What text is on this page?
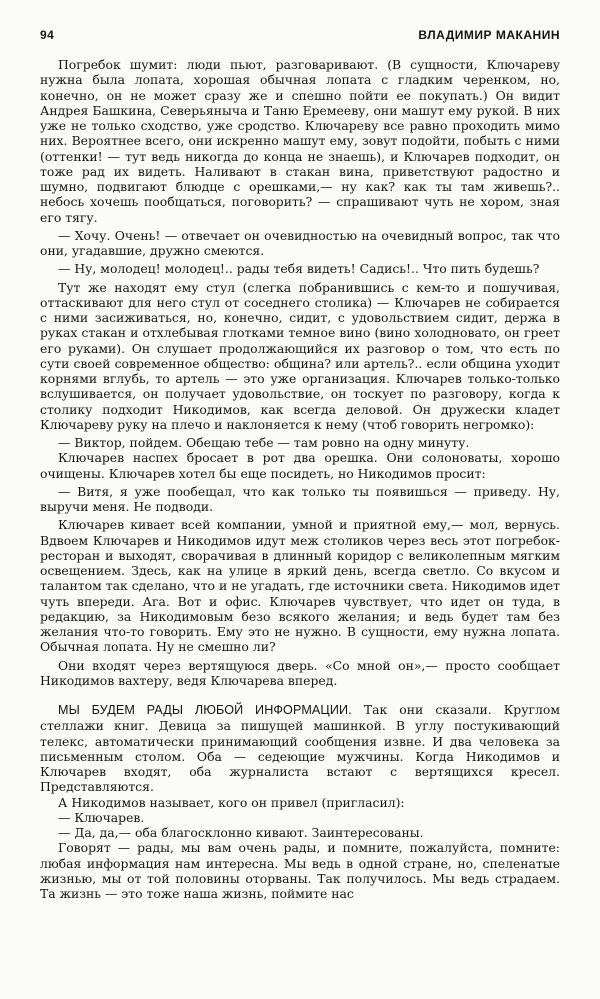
94	ВЛАДИМИР МАКАНИН

Погребок шумит: люди пьют, разговаривают. (В сущности, Ключареву нужна была лопата, хорошая обычная лопата с гладким черенком, но, конечно, он не может сразу же и спешно пойти ее покупать.) Он видит Андрея Башкина, Северьяныча и Таню Еремееву, они машут ему рукой. В них уже не только сходство, уже сродство. Ключареву все равно проходить мимо них. Вероятнее всего, они искренно машут ему, зовут подойти, побыть с ними (оттенки! — тут ведь никогда до конца не знаешь), и Ключарев подходит, он тоже рад их видеть. Наливают в стакан вина, приветствуют радостно и шумно, подвигают блюдце с орешками,— ну как? как ты там живешь?.. небось хочешь пообщаться, поговорить? — спрашивают чуть не хором, зная его тягу.

— Хочу. Очень! — отвечает он очевидностью на очевидный вопрос, так что они, угадавшие, дружно смеются.

— Ну, молодец! молодец!.. рады тебя видеть! Садись!.. Что пить будешь?

Тут же находят ему стул (слегка побранившись с кем-то и пошучивая, оттаскивают для него стул от соседнего столика) — Ключарев не собирается с ними засиживаться, но, конечно, сидит, с удовольствием сидит, держа в руках стакан и отхлебывая глотками темное вино (вино холодновато, он греет его руками). Он слушает продолжающийся их разговор о том, что есть по сути своей современное общество: община? или артель?.. если община уходит корнями вглубь, то артель — это уже организация. Ключарев только-только вслушивается, он получает удовольствие, он тоскует по разговору, когда к столику подходит Никодимов, как всегда деловой. Он дружески кладет Ключареву руку на плечо и наклоняется к нему (чтоб говорить негромко):

— Виктор, пойдем. Обещаю тебе — там ровно на одну минуту.

Ключарев наспех бросает в рот два орешка. Они солоноваты, хорошо очищены. Ключарев хотел бы еще посидеть, но Никодимов просит:

— Витя, я уже пообещал, что как только ты появишься — приведу. Ну, выручи меня. Не подводи.

Ключарев кивает всей компании, умной и приятной ему,— мол, вернусь. Вдвоем Ключарев и Никодимов идут меж столиков через весь этот погребок-ресторан и выходят, сворачивая в длинный коридор с великолепным мягким освещением. Здесь, как на улице в яркий день, всегда светло. Со вкусом и талантом так сделано, что и не угадать, где источники света. Никодимов идет чуть впереди. Ага. Вот и офис. Ключарев чувствует, что идет он туда, в редакцию, за Никодимовым безо всякого желания; и ведь будет там без желания что-то говорить. Ему это не нужно. В сущности, ему нужна лопата. Обычная лопата. Ну не смешно ли?

Они входят через вертящуюся дверь. «Со мной он»,— просто сообщает Никодимов вахтеру, ведя Ключарева вперед.

МЫ БУДЕМ РАДЫ ЛЮБОЙ ИНФОРМАЦИИ. Так они сказали. Круглом стеллажи книг. Девица за пишущей машинкой. В углу постукивающий телекс, автоматически принимающий сообщения извне. И два человека за письменным столом. Оба — седеющие мужчины. Когда Никодимов и Ключарев входят, оба журналиста встают с вертящихся кресел. Представляются.

А Никодимов называет, кого он привел (пригласил):

— Ключарев.

— Да, да,— оба благосклонно кивают. Заинтересованы.

Говорят — рады, мы вам очень рады, и помните, пожалуйста, помните: любая информация нам интересна. Мы ведь в одной стране, но, спеленатые жизнью, мы от той половины оторваны. Так получилось. Мы ведь страдаем. Та жизнь — это тоже наша жизнь, поймите нас
